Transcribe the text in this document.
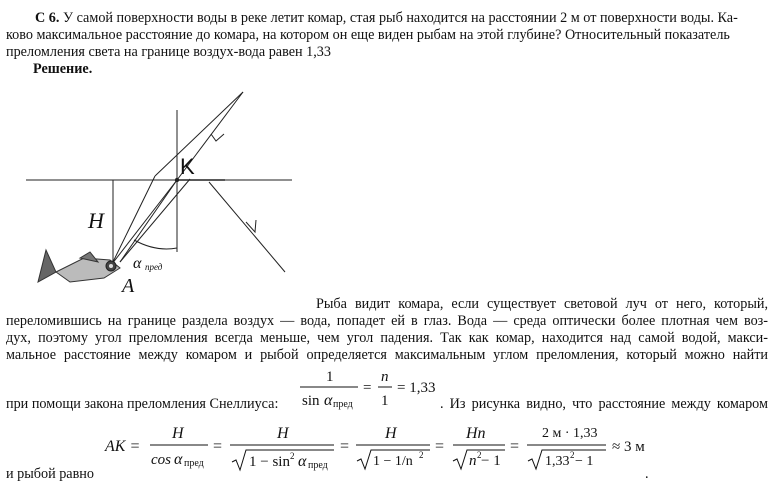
С 6. У самой поверхности воды в реке летит комар, стая рыб находится на расстоянии 2 м от поверхности воды. Ка-
ково максимальное расстояние до комара, на котором он еще виден рыбам на этой глубине? Относительный показатель
преломления света на границе воздух-вода равен 1,33
Решение.
K
H
A
α пред
Рыба видит комара, если существует световой луч от него, который,
переломившись на границе раздела воздух — вода, попадет ей в глаз. Вода — среда оптически более плотная чем воз-
дух, поэтому угол преломления всегда меньше, чем угол падения. Так как комар, находится над самой водой, макси-
мальное расстояние между комаром и рыбой определяется максимальным углом преломления, который можно найти
при помощи закона преломления Снеллиуса:	. Из рисунка видно, что расстояние между комаром
и рыбой равно	.
1
sin α пред
=
n
1
= 1,33
AK =
H
cos α пред
=
H
1 − sin 2 α пред
=
H
1 − 1/n 2 =
Hn
n 2 − 1
=
2 м · 1,33
1,33 2 − 1
≈ 3 м
